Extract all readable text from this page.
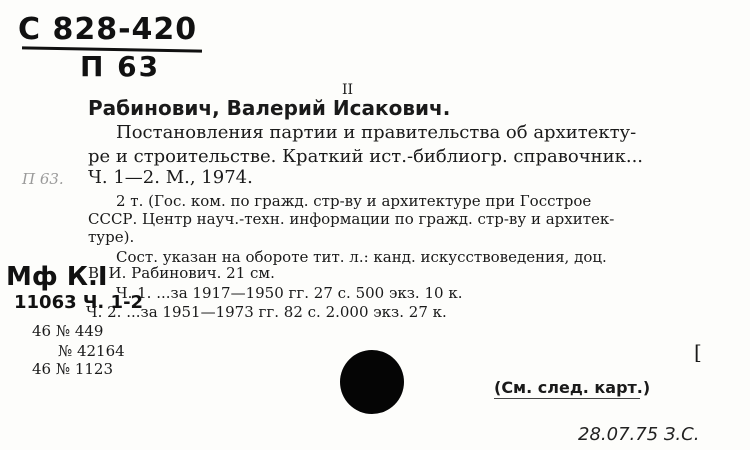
С 828-420
П 63
II
Рабинович, Валерий Исакович.
Постановления партии и правительства об архитекту-
ре и строительстве. Краткий ист.-библиогр. справочник...
Ч. 1—2. М., 1974.
П 63.
2 т. (Гос. ком. по гражд. стр-ву и архитектуре при Госстрое
СССР. Центр науч.-техн. информации по гражд. стр-ву и архитек-
туре).
Сост. указан на обороте тит. л.: канд. искусствоведения, доц.
В. И. Рабинович. 21 см.
Ч. 1. ...за 1917—1950 гг. 27 с. 500 экз. 10 к.
Ч. 2. ...за 1951—1973 гг. 82 с. 2.000 экз. 27 к.
Мф К.I
11063 Ч. 1-2
46 № 449
№ 42164
46 № 1123
[
(См. след. карт.)
28.07.75 З.С.
